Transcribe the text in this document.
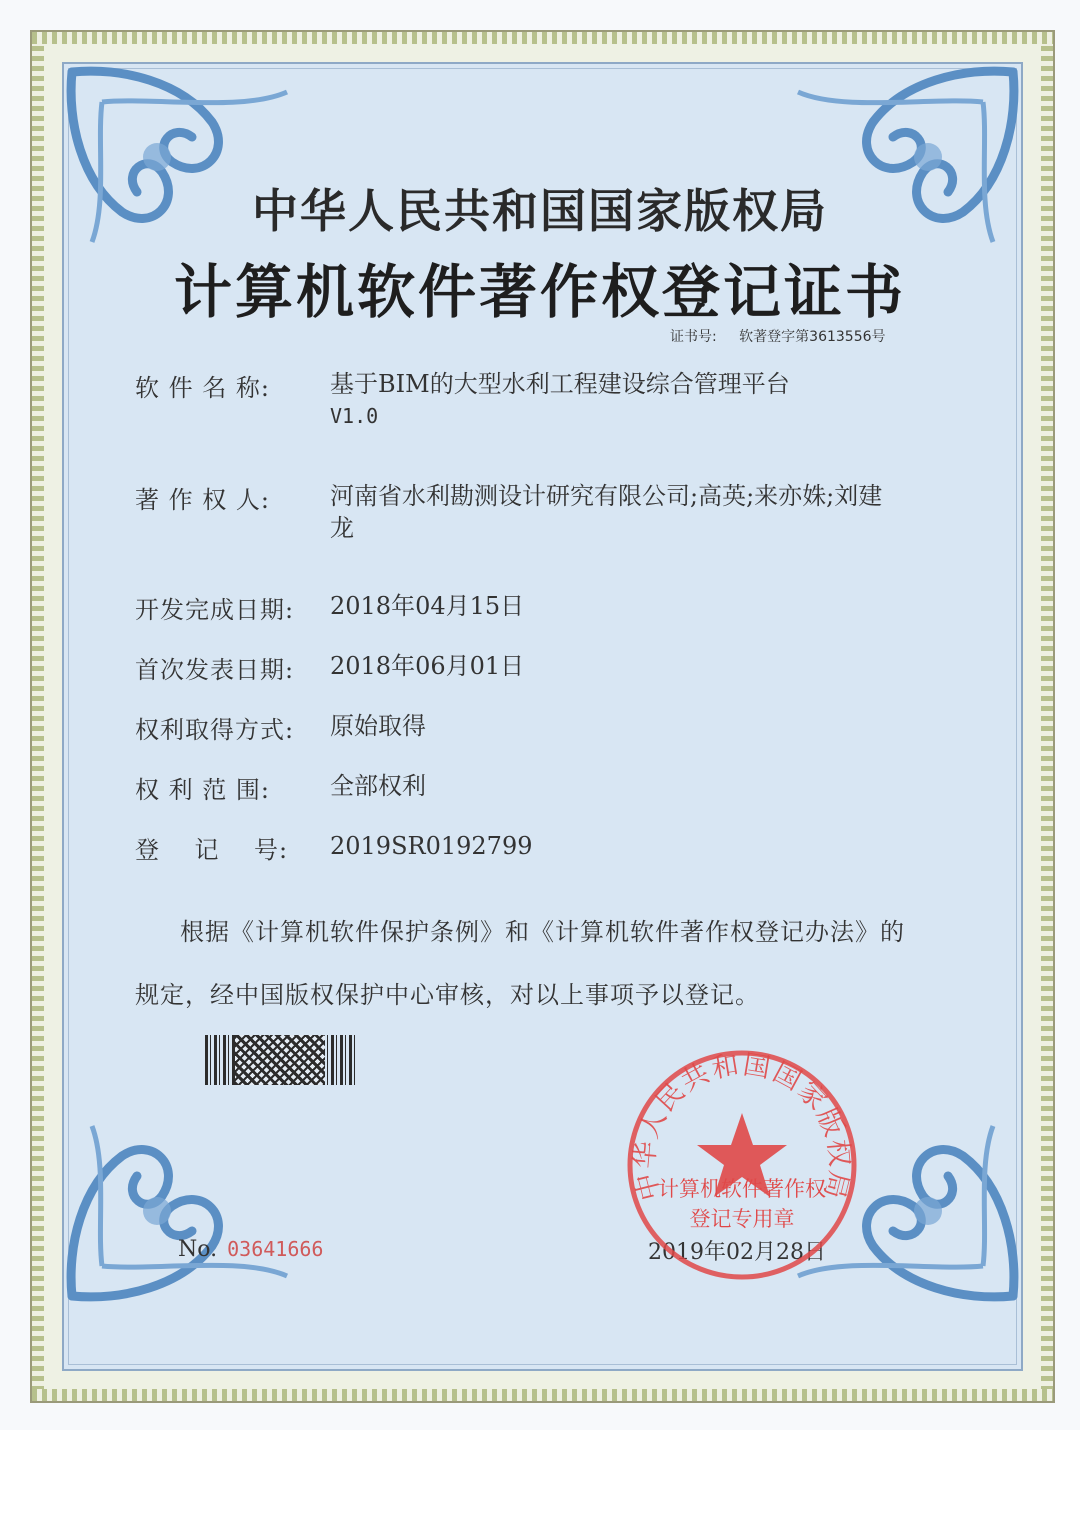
中华人民共和国国家版权局
计算机软件著作权登记证书
证书号: 软著登字第3613556号
软 件 名 称:	基于BIM的大型水利工程建设综合管理平台
V1.0
著 作 权 人:	河南省水利勘测设计研究有限公司;高英;来亦姝;刘建
龙
开发完成日期:	2018年04月15日
首次发表日期:	2018年06月01日
权利取得方式:	原始取得
权 利 范 围:	全部权利
登    记    号:	2019SR0192799
根据《计算机软件保护条例》和《计算机软件著作权登记办法》的
规定，经中国版权保护中心审核，对以上事项予以登记。
No. 03641666	2019年02月28日
中华人民共和国国家版权局
计算机软件著作权
登记专用章
